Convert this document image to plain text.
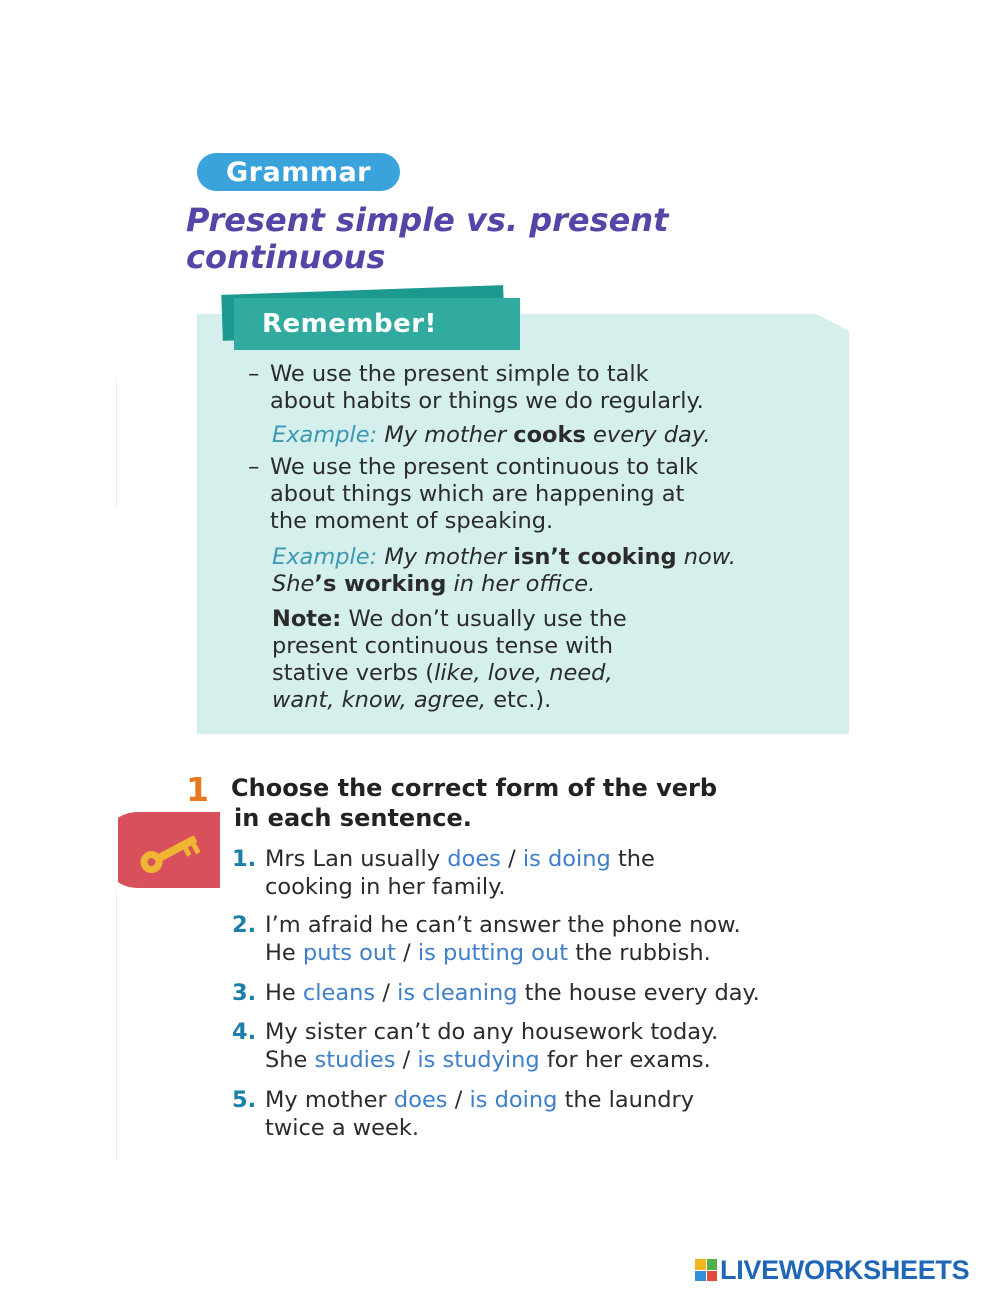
Grammar
Present simple vs. present
continuous
Remember!
– We use the present simple to talk
about habits or things we do regularly.
Example: My mother cooks every day.
– We use the present continuous to talk
about things which are happening at
the moment of speaking.
Example: My mother isn’t cooking now.
She’s working in her office.
Note: We don’t usually use the
present continuous tense with
stative verbs (like, love, need,
want, know, agree, etc.).
1 Choose the correct form of the verb
in each sentence.
1. Mrs Lan usually does / is doing the
cooking in her family.
2. I’m afraid he can’t answer the phone now.
He puts out / is putting out the rubbish.
3. He cleans / is cleaning the house every day.
4. My sister can’t do any housework today.
She studies / is studying for her exams.
5. My mother does / is doing the laundry
twice a week.
LIVEWORKSHEETS
